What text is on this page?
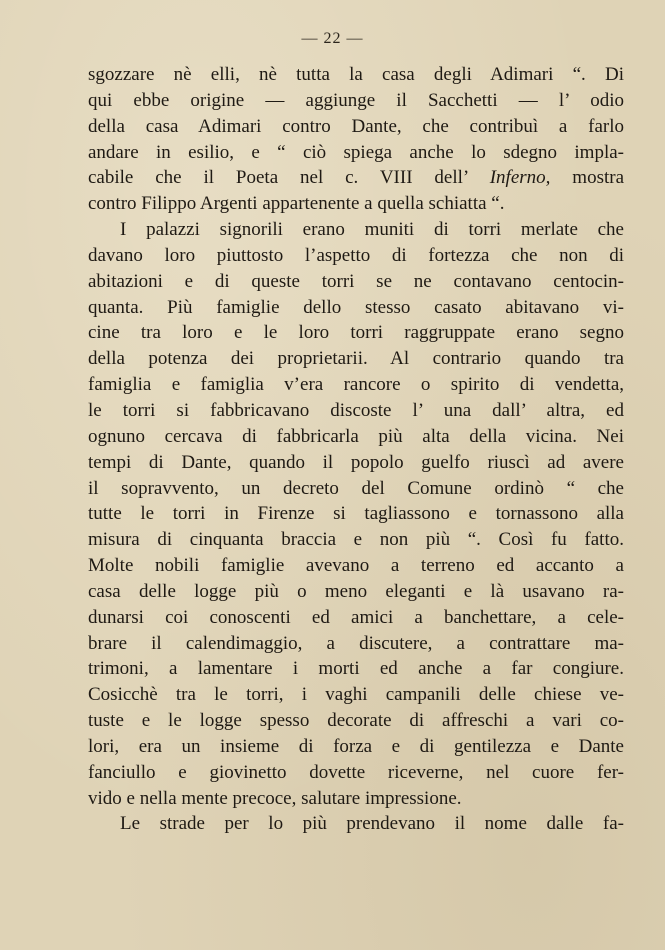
— 22 —
sgozzare nè elli, nè tutta la casa degli Adimari “. Di
qui ebbe origine — aggiunge il Sacchetti — l’ odio
della casa Adimari contro Dante, che contribuì a farlo
andare in esilio, e “ ciò spiega anche lo sdegno impla-
cabile che il Poeta nel c. VIII dell’ Inferno, mostra
contro Filippo Argenti appartenente a quella schiatta “.
I palazzi signorili erano muniti di torri merlate che
davano loro piuttosto l’aspetto di fortezza che non di
abitazioni e di queste torri se ne contavano centocin-
quanta. Più famiglie dello stesso casato abitavano vi-
cine tra loro e le loro torri raggruppate erano segno
della potenza dei proprietarii. Al contrario quando tra
famiglia e famiglia v’era rancore o spirito di vendetta,
le torri si fabbricavano discoste l’ una dall’ altra, ed
ognuno cercava di fabbricarla più alta della vicina. Nei
tempi di Dante, quando il popolo guelfo riuscì ad avere
il sopravvento, un decreto del Comune ordinò “ che
tutte le torri in Firenze si tagliassono e tornassono alla
misura di cinquanta braccia e non più “. Così fu fatto.
Molte nobili famiglie avevano a terreno ed accanto a
casa delle logge più o meno eleganti e là usavano ra-
dunarsi coi conoscenti ed amici a banchettare, a cele-
brare il calendimaggio, a discutere, a contrattare ma-
trimoni, a lamentare i morti ed anche a far congiure.
Cosicchè tra le torri, i vaghi campanili delle chiese ve-
tuste e le logge spesso decorate di affreschi a vari co-
lori, era un insieme di forza e di gentilezza e Dante
fanciullo e giovinetto dovette riceverne, nel cuore fer-
vido e nella mente precoce, salutare impressione.
Le strade per lo più prendevano il nome dalle fa-
